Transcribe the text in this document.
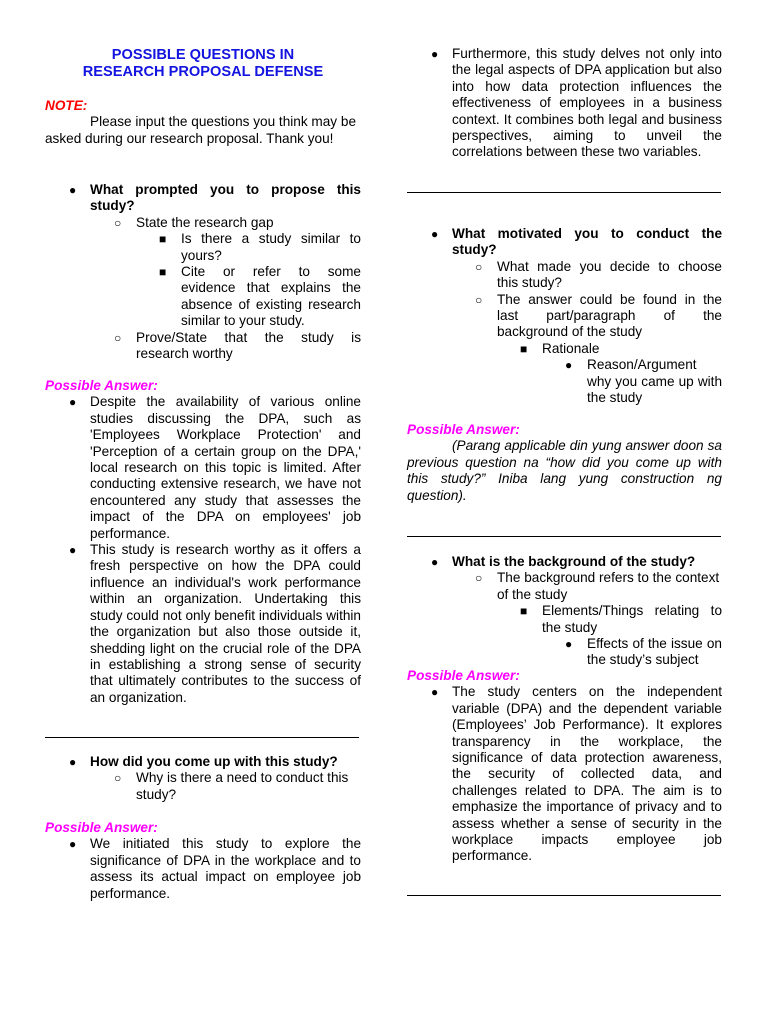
POSSIBLE QUESTIONS IN
RESEARCH PROPOSAL DEFENSE
NOTE:
Please input the questions you think may be asked during our research proposal. Thank you!
● What prompted you to propose this study?
○ State the research gap
■ Is there a study similar to yours?
■ Cite or refer to some evidence that explains the absence of existing research similar to your study.
○ Prove/State that the study is research worthy
Possible Answer:
● Despite the availability of various online studies discussing the DPA, such as 'Employees Workplace Protection' and 'Perception of a certain group on the DPA,' local research on this topic is limited. After conducting extensive research, we have not encountered any study that assesses the impact of the DPA on employees' job performance.
● This study is research worthy as it offers a fresh perspective on how the DPA could influence an individual's work performance within an organization. Undertaking this study could not only benefit individuals within the organization but also those outside it, shedding light on the crucial role of the DPA in establishing a strong sense of security that ultimately contributes to the success of an organization.
● How did you come up with this study?
○ Why is there a need to conduct this study?
Possible Answer:
● We initiated this study to explore the significance of DPA in the workplace and to assess its actual impact on employee job performance.
● Furthermore, this study delves not only into the legal aspects of DPA application but also into how data protection influences the effectiveness of employees in a business context. It combines both legal and business perspectives, aiming to unveil the correlations between these two variables.
● What motivated you to conduct the study?
○ What made you decide to choose this study?
○ The answer could be found in the last part/paragraph of the background of the study
■ Rationale
● Reason/Argument why you came up with the study
Possible Answer:
(Parang applicable din yung answer doon sa previous question na “how did you come up with this study?” Iniba lang yung construction ng question).
● What is the background of the study?
○ The background refers to the context of the study
■ Elements/Things relating to the study
● Effects of the issue on the study’s subject
Possible Answer:
● The study centers on the independent variable (DPA) and the dependent variable (Employees’ Job Performance). It explores transparency in the workplace, the significance of data protection awareness, the security of collected data, and challenges related to DPA. The aim is to emphasize the importance of privacy and to assess whether a sense of security in the workplace impacts employee job performance.
